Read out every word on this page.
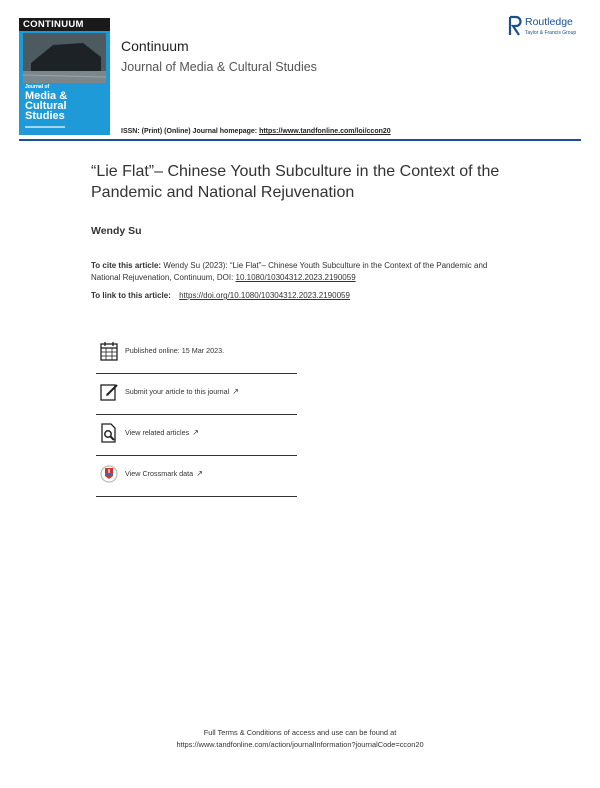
CONTINUUM
Journal of
Media &
Cultural
Studies
Continuum
Journal of Media & Cultural Studies
Routledge
Taylor & Francis Group
ISSN: (Print) (Online) Journal homepage: https://www.tandfonline.com/loi/ccon20
“Lie Flat”– Chinese Youth Subculture in the Context of the Pandemic and National Rejuvenation
Wendy Su
To cite this article: Wendy Su (2023): “Lie Flat”– Chinese Youth Subculture in the Context of the Pandemic and National Rejuvenation, Continuum, DOI: 10.1080/10304312.2023.2190059
To link to this article: https://doi.org/10.1080/10304312.2023.2190059
Published online: 15 Mar 2023.
Submit your article to this journal ↗
View related articles ↗
View Crossmark data ↗
Full Terms & Conditions of access and use can be found at
https://www.tandfonline.com/action/journalInformation?journalCode=ccon20
